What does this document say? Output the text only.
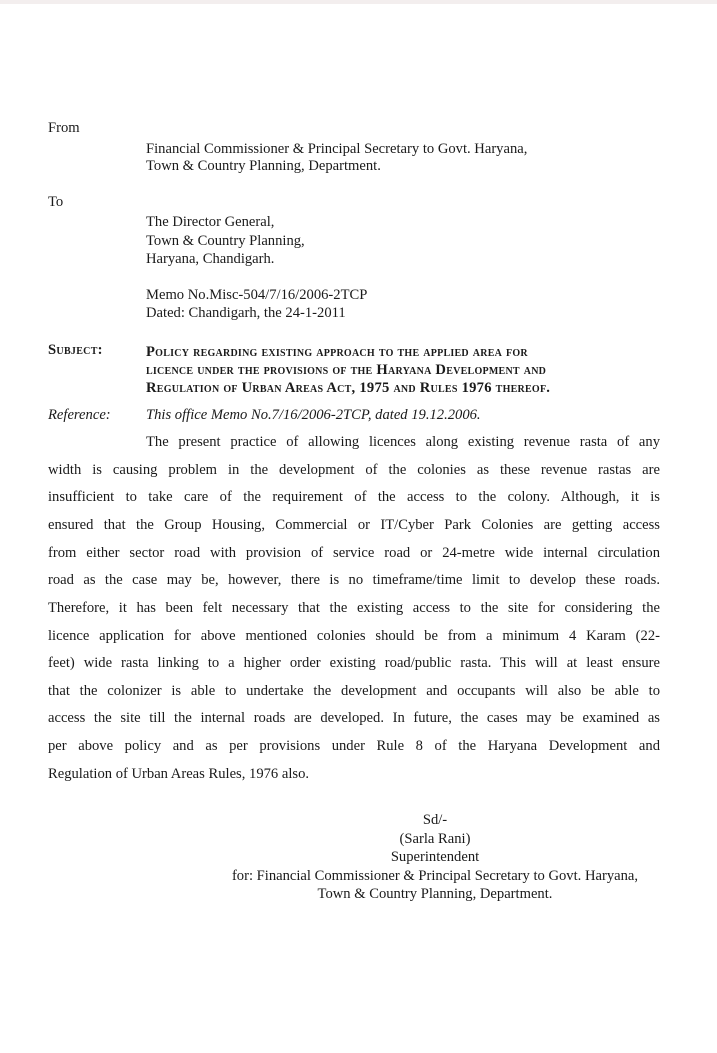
From
Financial Commissioner & Principal Secretary to Govt. Haryana,
Town & Country Planning, Department.
To
The Director General,
Town & Country Planning,
Haryana, Chandigarh.
Memo No.Misc-504/7/16/2006-2TCP
Dated: Chandigarh, the 24-1-2011
Subject:	Policy regarding existing approach to the applied area for
licence under the provisions of the Haryana Development and
Regulation of Urban Areas Act, 1975 and Rules 1976 thereof.
Reference: This office Memo No.7/16/2006-2TCP, dated 19.12.2006.
The present practice of allowing licences along existing revenue rasta of any
width is causing problem in the development of the colonies as these revenue rastas are
insufficient to take care of the requirement of the access to the colony. Although, it is
ensured that the Group Housing, Commercial or IT/Cyber Park Colonies are getting access
from either sector road with provision of service road or 24-metre wide internal circulation
road as the case may be, however, there is no timeframe/time limit to develop these roads.
Therefore, it has been felt necessary that the existing access to the site for considering the
licence application for above mentioned colonies should be from a minimum 4 Karam (22-
feet) wide rasta linking to a higher order existing road/public rasta. This will at least ensure
that the colonizer is able to undertake the development and occupants will also be able to
access the site till the internal roads are developed. In future, the cases may be examined as
per above policy and as per provisions under Rule 8 of the Haryana Development and
Regulation of Urban Areas Rules, 1976 also.
Sd/-
(Sarla Rani)
Superintendent
for: Financial Commissioner & Principal Secretary to Govt. Haryana,
Town & Country Planning, Department.
